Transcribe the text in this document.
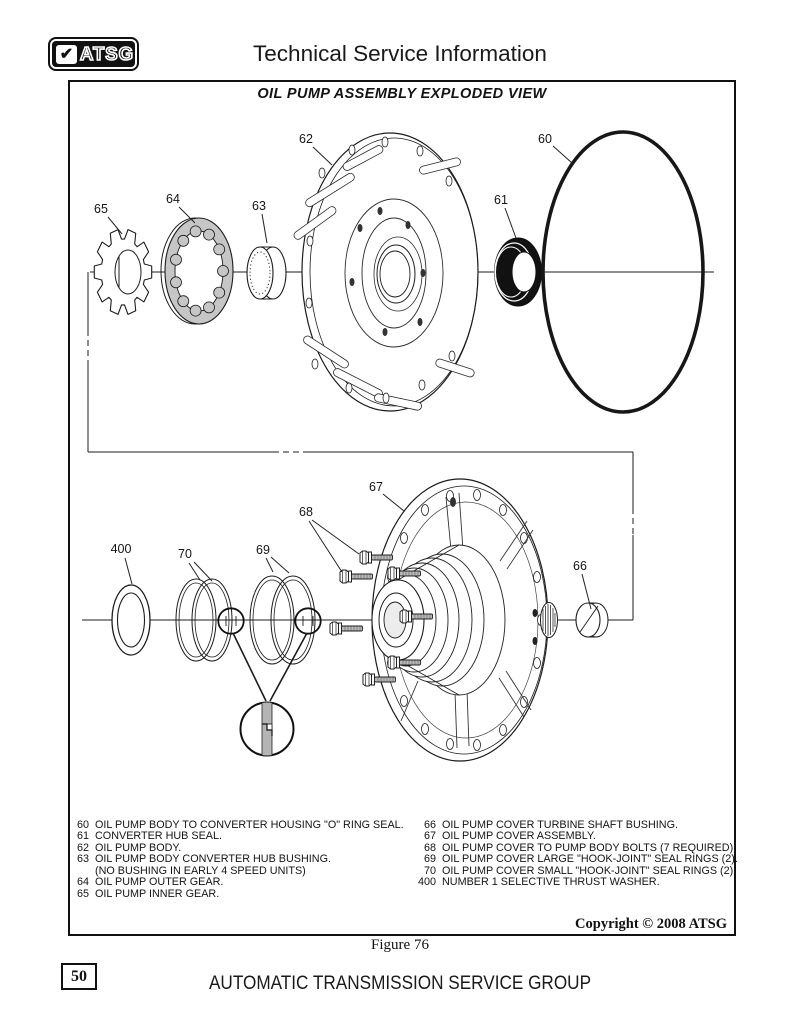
✔ ATSG	Technical Service Information
OIL PUMP ASSEMBLY EXPLODED VIEW
65
64	63
62	60
61
400	70	69
68
67
66
60 OIL PUMP BODY TO CONVERTER HOUSING "O" RING SEAL.
61 CONVERTER HUB SEAL.
62 OIL PUMP BODY.
63 OIL PUMP BODY CONVERTER HUB BUSHING.
(NO BUSHING IN EARLY 4 SPEED UNITS)
64 OIL PUMP OUTER GEAR.
65 OIL PUMP INNER GEAR.
66 OIL PUMP COVER TURBINE SHAFT BUSHING.
67 OIL PUMP COVER ASSEMBLY.
68 OIL PUMP COVER TO PUMP BODY BOLTS (7 REQUIRED).
69 OIL PUMP COVER LARGE "HOOK-JOINT" SEAL RINGS (2).
70 OIL PUMP COVER SMALL "HOOK-JOINT" SEAL RINGS (2).
400 NUMBER 1 SELECTIVE THRUST WASHER.
Copyright © 2008 ATSG
Figure 76
50	AUTOMATIC TRANSMISSION SERVICE GROUP
